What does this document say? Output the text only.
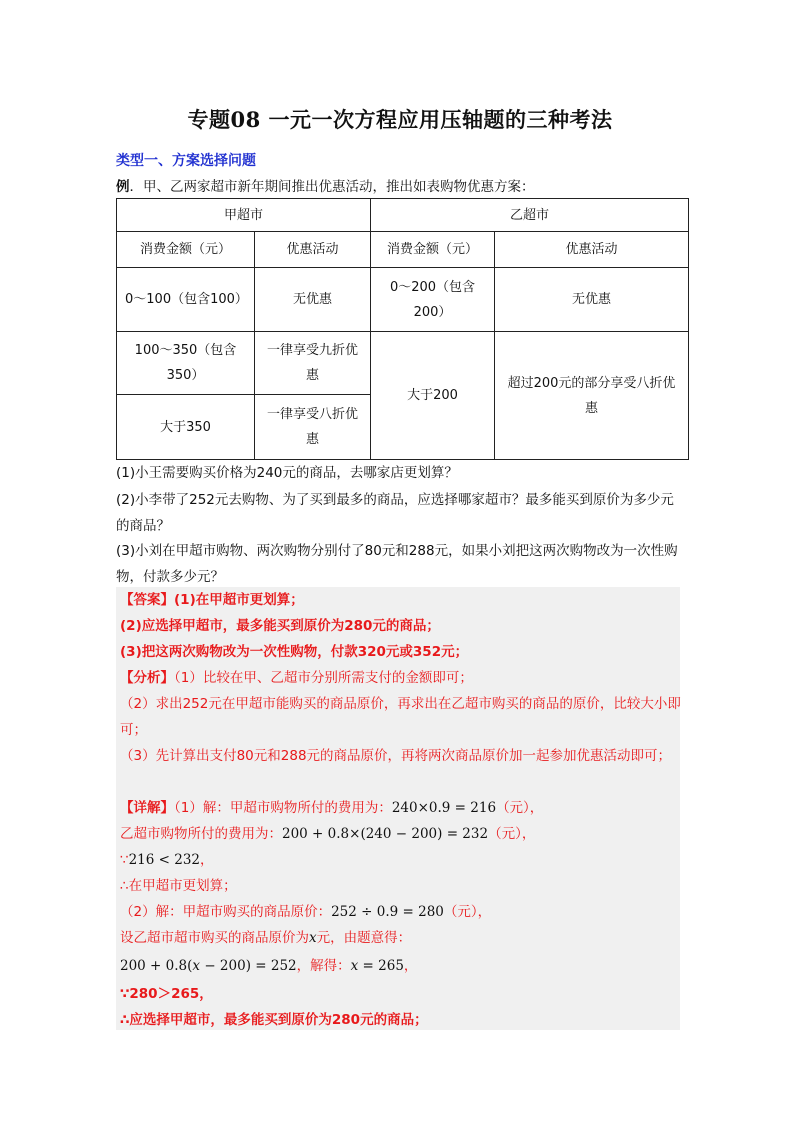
专题08 一元一次方程应用压轴题的三种考法
类型一、方案选择问题
例．甲、乙两家超市新年期间推出优惠活动，推出如表购物优惠方案：
甲超市		乙超市	
消费金额（元）	优惠活动	消费金额（元）	优惠活动
0～100（包含100）	无优惠	0～200（包含200）	无优惠
100～350（包含350）	一律享受九折优惠	大于200	超过200元的部分享受八折优惠
大于350	一律享受八折优惠		
(1)小王需要购买价格为240元的商品，去哪家店更划算？
(2)小李带了252元去购物、为了买到最多的商品，应选择哪家超市？最多能买到原价为多少元的商品？
(3)小刘在甲超市购物、两次购物分别付了80元和288元，如果小刘把这两次购物改为一次性购物，付款多少元？
【答案】(1)在甲超市更划算；
(2)应选择甲超市，最多能买到原价为280元的商品；
(3)把这两次购物改为一次性购物，付款320元或352元；
【分析】（1）比较在甲、乙超市分别所需支付的金额即可；
（2）求出252元在甲超市能购买的商品原价，再求出在乙超市购买的商品的原价，比较大小即可；
（3）先计算出支付80元和288元的商品原价，再将两次商品原价加一起参加优惠活动即可；
【详解】（1）解：甲超市购物所付的费用为：240×0.9 = 216（元），
乙超市购物所付的费用为：200 + 0.8×(240 − 200) = 232（元），
∵216 < 232，
∴在甲超市更划算；
（2）解：甲超市购买的商品原价：252 ÷ 0.9 = 280（元），
设乙超市超市购买的商品原价为x元，由题意得：
200 + 0.8(x − 200) = 252，解得：x = 265，
∵280＞265，
∴应选择甲超市，最多能买到原价为280元的商品；
